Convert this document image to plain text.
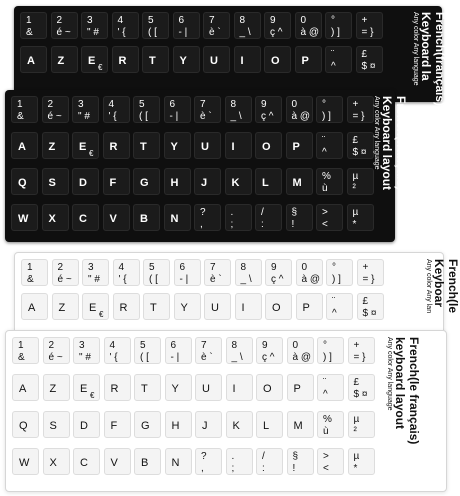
1
&
2
é ~
3
" #
4
' {
5
( [
6
- |
7
è `
8
_ \
9
ç ^
0
à @
°
) ]
+
= }
A Z E
€
R T Y U I O P
¨
^
£
$ ¤	French(français)
Keyboard la
Any color Any language
1
&
2
é ~
3
" #
4
' {
5
( [
6
- |
7
è `
8
_ \
9
ç ^
0
à @
°
) ]
+
= }
A Z E
€
R T Y U I O P
¨
^
£
$ ¤
Q S D F G H J K L M
%
ù
µ
²
W X C V B N
?
,
.
;
/
:
§
!
>
<
µ
*
French(français)
Keyboard layout
Any color Any language
1
&
2
é ~
3
" #
4
' {
5
( [
6
- |
7
è `
8
_ \
9
ç ^
0
à @
°
) ]
+
= }
A Z E
€
R T Y U I O P
¨
^
£
$ ¤
French(le
Keyboar
Any color Any lan
1
&
2
é ~
3
" #
4
' {
5
( [
6
- |
7
è `
8
_ \
9
ç ^
0
à @
°
) ]
+
= }
A Z E
€
R T Y U I O P
¨
^
£
$ ¤
Q S D F G H J K L M
%
ù
µ
²
W X C V B N
?
,
.
;
/
:
§
!
>
<
µ
*
French(le français)
keyboard layout
Any color Any language
